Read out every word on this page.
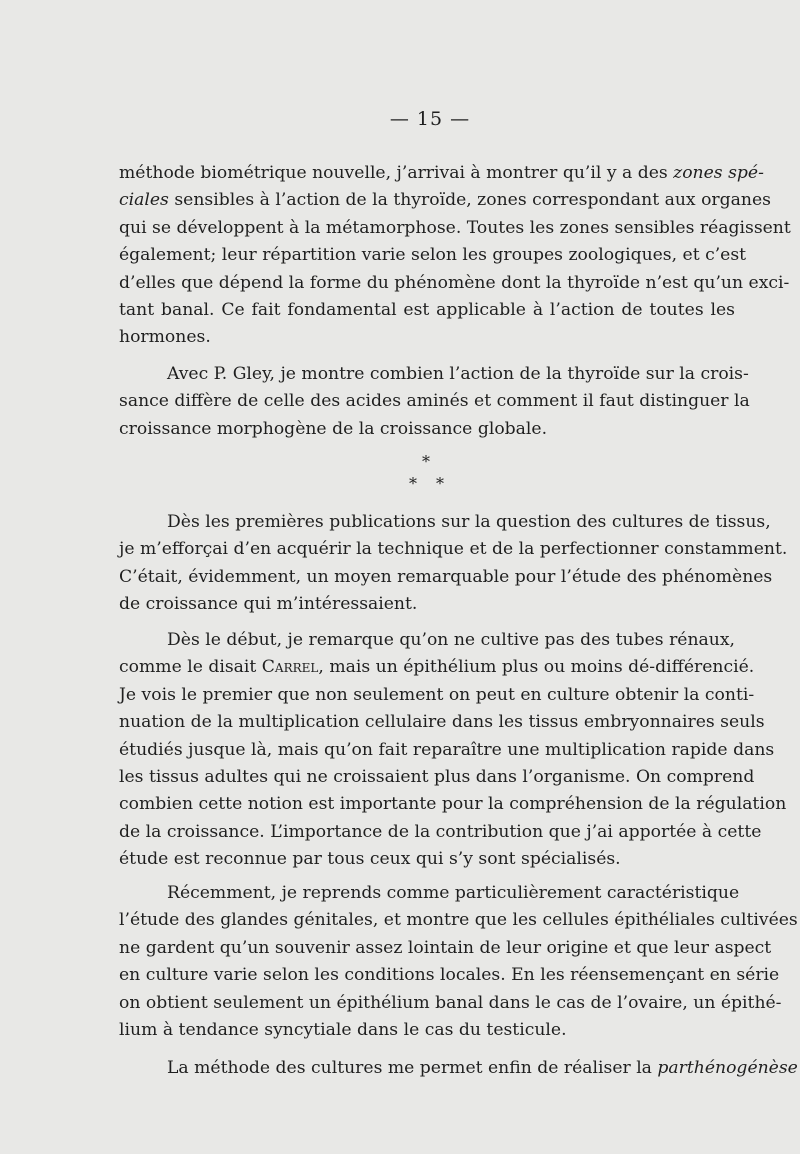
— 15 —
méthode biométrique nouvelle, j’arrivai à montrer qu’il y a des zones spé-
ciales sensibles à l’action de la thyroïde, zones correspondant aux organes
qui se développent à la métamorphose. Toutes les zones sensibles réagissent
également; leur répartition varie selon les groupes zoologiques, et c’est
d’elles que dépend la forme du phénomène dont la thyroïde n’est qu’un exci-
tant banal. Ce fait fondamental est applicable à l’action de toutes les
hormones.
Avec P. Gley, je montre combien l’action de la thyroïde sur la crois-
sance diffère de celle des acides aminés et comment il faut distinguer la
croissance morphogène de la croissance globale.
*
* *
Dès les premières publications sur la question des cultures de tissus,
je m’efforçai d’en acquérir la technique et de la perfectionner constamment.
C’était, évidemment, un moyen remarquable pour l’étude des phénomènes
de croissance qui m’intéressaient.
Dès le début, je remarque qu’on ne cultive pas des tubes rénaux,
comme le disait Carrel, mais un épithélium plus ou moins dé-différencié.
Je vois le premier que non seulement on peut en culture obtenir la conti-
nuation de la multiplication cellulaire dans les tissus embryonnaires seuls
étudiés jusque là, mais qu’on fait reparaître une multiplication rapide dans
les tissus adultes qui ne croissaient plus dans l’organisme. On comprend
combien cette notion est importante pour la compréhension de la régulation
de la croissance. L’importance de la contribution que j’ai apportée à cette
étude est reconnue par tous ceux qui s’y sont spécialisés.
Récemment, je reprends comme particulièrement caractéristique
l’étude des glandes génitales, et montre que les cellules épithéliales cultivées
ne gardent qu’un souvenir assez lointain de leur origine et que leur aspect
en culture varie selon les conditions locales. En les réensemençant en série
on obtient seulement un épithélium banal dans le cas de l’ovaire, un épithé-
lium à tendance syncytiale dans le cas du testicule.
La méthode des cultures me permet enfin de réaliser la parthénogénèse
